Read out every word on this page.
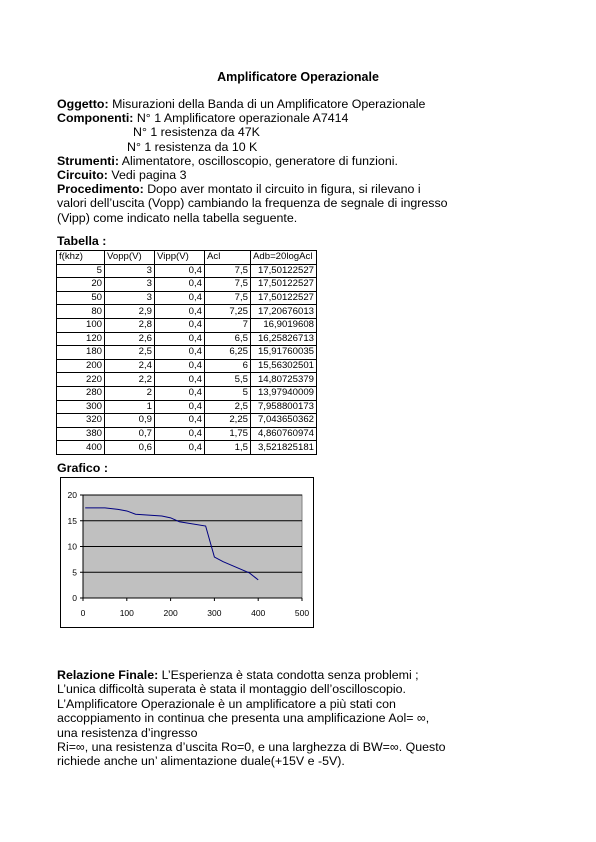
Amplificatore Operazionale
Oggetto: Misurazioni della Banda di un Amplificatore Operazionale
Componenti: N° 1 Amplificatore operazionale A7414
N° 1 resistenza da 47K
N° 1 resistenza da 10 K
Strumenti: Alimentatore, oscilloscopio, generatore di funzioni.
Circuito: Vedi pagina 3
Procedimento: Dopo aver montato il circuito in figura, si rilevano i
valori dell’uscita (Vopp) cambiando la frequenza de segnale di ingresso
(Vipp) come indicato nella tabella seguente.
Tabella :
f(khz)	Vopp(V)	Vipp(V)	Acl	Adb=20logAcl
5	3	0,4	7,5	17,50122527
20	3	0,4	7,5	17,50122527
50	3	0,4	7,5	17,50122527
80	2,9	0,4	7,25	17,20676013
100	2,8	0,4	7	16,9019608
120	2,6	0,4	6,5	16,25826713
180	2,5	0,4	6,25	15,91760035
200	2,4	0,4	6	15,56302501
220	2,2	0,4	5,5	14,80725379
280	2	0,4	5	13,97940009
300	1	0,4	2,5	7,958800173
320	0,9	0,4	2,25	7,043650362
380	0,7	0,4	1,75	4,860760974
400	0,6	0,4	1,5	3,521825181
Grafico :
0
5
10
15
20
0	100	200	300	400	500
Relazione Finale: L’Esperienza è stata condotta senza problemi ;
L’unica difficoltà superata è stata il montaggio dell’oscilloscopio.
L’Amplificatore Operazionale è un amplificatore a più stati con
accoppiamento in continua che presenta una amplificazione Aol= ∞,
una resistenza d’ingresso
Ri=∞, una resistenza d’uscita Ro=0, e una larghezza di BW=∞. Questo
richiede anche un’ alimentazione duale(+15V e -5V).
